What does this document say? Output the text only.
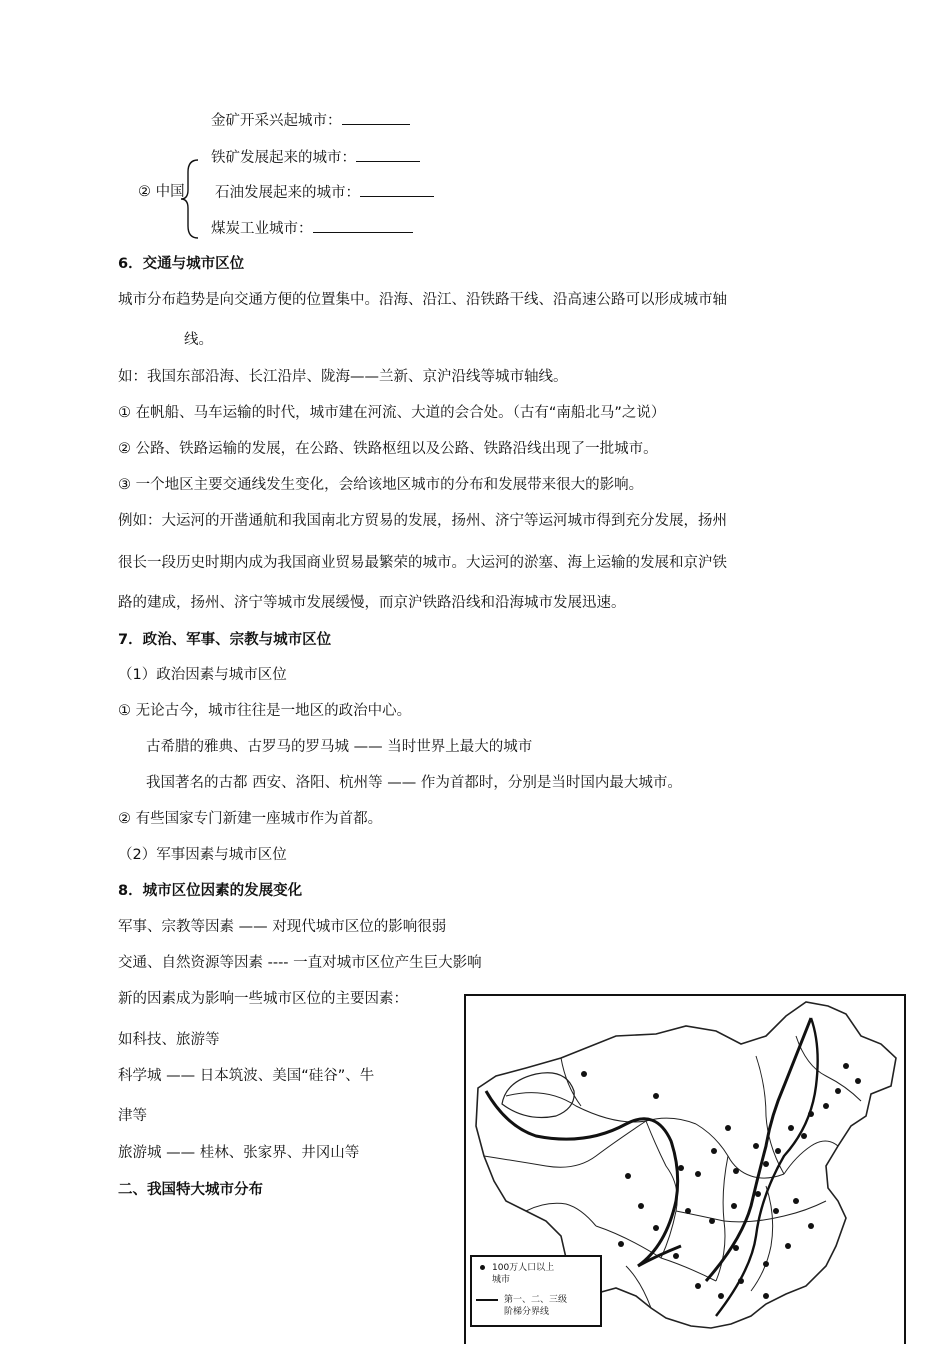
金矿开采兴起城市：
铁矿发展起来的城市：
② 中国 石油发展起来的城市：
煤炭工业城市：
6．交通与城市区位
城市分布趋势是向交通方便的位置集中。沿海、沿江、沿铁路干线、沿高速公路可以形成城市轴
线。
如：我国东部沿海、长江沿岸、陇海——兰新、京沪沿线等城市轴线。
① 在帆船、马车运输的时代，城市建在河流、大道的会合处。（古有“南船北马”之说）
② 公路、铁路运输的发展，在公路、铁路枢纽以及公路、铁路沿线出现了一批城市。
③ 一个地区主要交通线发生变化，会给该地区城市的分布和发展带来很大的影响。
例如：大运河的开凿通航和我国南北方贸易的发展，扬州、济宁等运河城市得到充分发展，扬州
很长一段历史时期内成为我国商业贸易最繁荣的城市。大运河的淤塞、海上运输的发展和京沪铁
路的建成，扬州、济宁等城市发展缓慢，而京沪铁路沿线和沿海城市发展迅速。
7．政治、军事、宗教与城市区位
（1）政治因素与城市区位
① 无论古今，城市往往是一地区的政治中心。
古希腊的雅典、古罗马的罗马城 —— 当时世界上最大的城市
我国著名的古都 西安、洛阳、杭州等 —— 作为首都时，分别是当时国内最大城市。
② 有些国家专门新建一座城市作为首都。
（2）军事因素与城市区位
8．城市区位因素的发展变化
军事、宗教等因素 —— 对现代城市区位的影响很弱
交通、自然资源等因素 ---- 一直对城市区位产生巨大影响
新的因素成为影响一些城市区位的主要因素：
如科技、旅游等
科学城 —— 日本筑波、美国“硅谷”、牛
津等
旅游城 —— 桂林、张家界、井冈山等
二、我国特大城市分布
100万人口以上
城市
第一、二、三级
阶梯分界线
